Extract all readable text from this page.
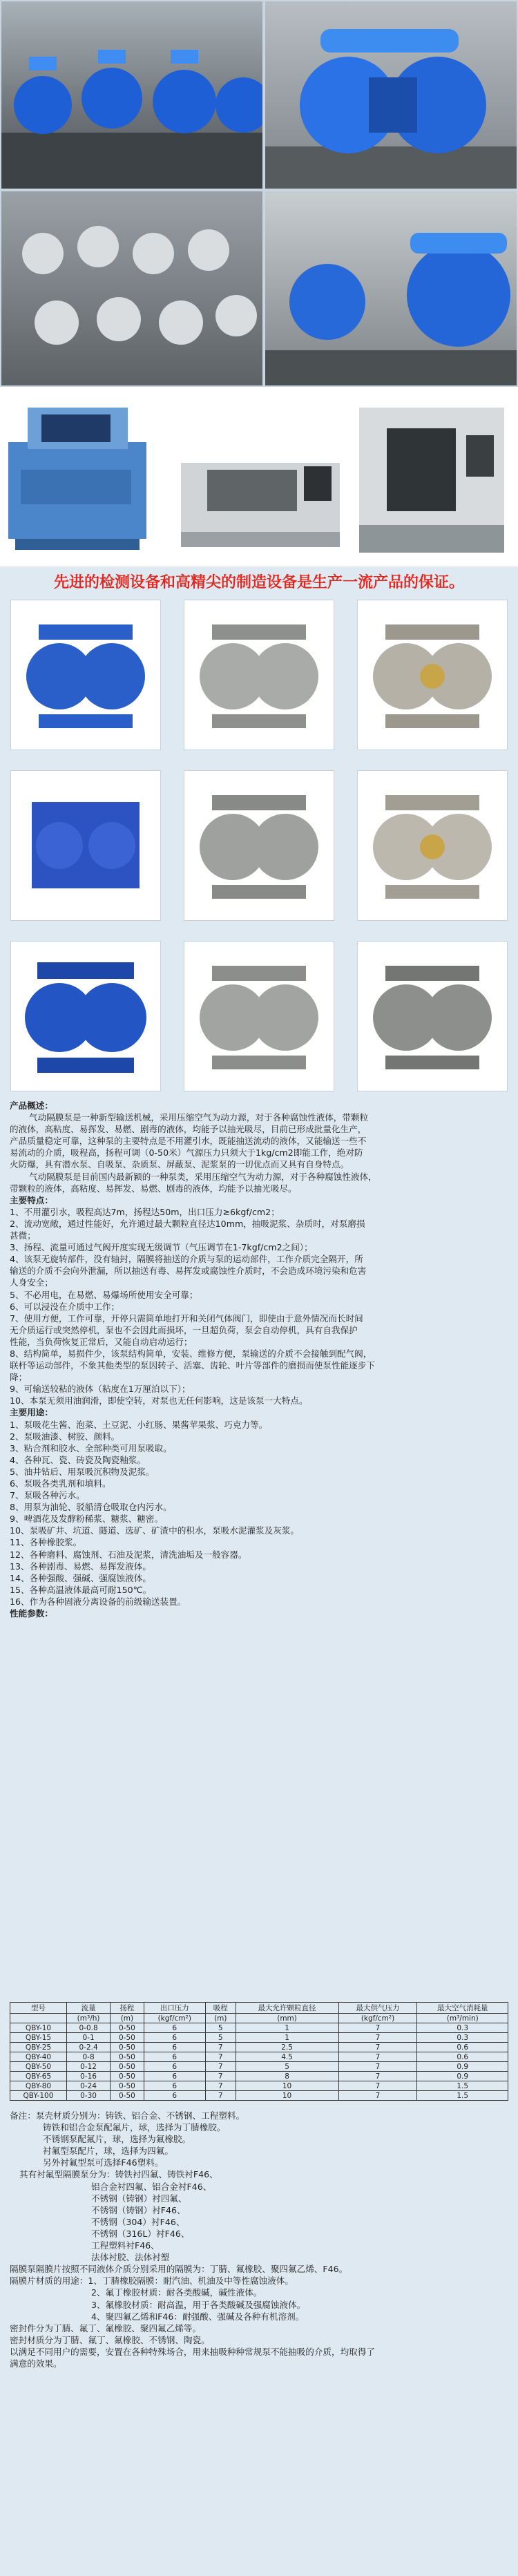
先进的检测设备和高精尖的制造设备是生产一流产品的保证。
产品概述：
气动隔膜泵是一种新型输送机械，采用压缩空气为动力源，对于各种腐蚀性液体，带颗粒
的液体，高粘度、易挥发、易燃、剧毒的液体，均能予以抽光吸尽，目前已形成批量化生产，
产品质量稳定可靠，这种泵的主要特点是不用灌引水，既能抽送流动的液体，又能输送一些不
易流动的介质，吸程高，扬程可调（0-50米）气源压力只须大于1kg/cm2即能工作，绝对防
火防爆，具有潜水泵、自吸泵、杂质泵、屏蔽泵、泥浆泵的一切优点而又具有自身特点。
气动隔膜泵是目前国内最新颖的一种泵类，采用压缩空气为动力源，对于各种腐蚀性液体，
带颗粒的液体，高粘度、易挥发、易燃、剧毒的液体，均能予以抽光吸尽。
主要特点：
1、不用灌引水，吸程高达7m，扬程达50m，出口压力≥6kgf/cm2；
2、流动宽敞，通过性能好，允许通过最大颗粒直径达10mm，抽吸泥浆、杂质时，对泵磨损
甚微；
3、扬程、流量可通过气阀开度实现无级调节（气压调节在1-7kgf/cm2之间）；
4、该泵无旋转部件，没有轴封，隔膜将抽送的介质与泵的运动部件，工作介质完全隔开，所
输送的介质不会向外泄漏，所以抽送有毒、易挥发或腐蚀性介质时，不会造成环境污染和危害
人身安全；
5、不必用电，在易燃、易爆场所使用安全可靠；
6、可以浸没在介质中工作；
7、使用方便，工作可靠，开停只需简单地打开和关闭气体阀门，即使由于意外情况而长时间
无介质运行或突然停机，泵也不会因此而损坏，一旦超负荷，泵会自动停机，具有自我保护
性能，当负荷恢复正常后，又能自动启动运行；
8、结构简单，易损件少，该泵结构简单，安装、维修方便，泵输送的介质不会接触到配气阀，
联杆等运动部件，不象其他类型的泵因转子、活塞、齿轮、叶片等部件的磨损而使泵性能逐步下
降；
9、可输送较粘的液体（粘度在1万厘泊以下）；
10、本泵无须用油润滑，即使空转，对泵也无任何影响，这是该泵一大特点。
主要用途：
1、泵吸花生酱、泡菜、土豆泥、小红肠、果酱苹果浆、巧克力等。
2、泵吸油漆、树胶、颜料。
3、粘合剂和胶水、全部种类可用泵吸取。
4、各种瓦、瓷、砖瓷及陶瓷釉浆。
5、油井钻后、用泵吸沉积物及泥浆。
6、泵吸各类乳剂和填料。
7、泵吸各种污水。
8、用泵为油轮、驳船清仓吸取仓内污水。
9、啤酒花及发酵粉稀浆、糖浆、糖密。
10、泵吸矿井、坑道、隧道、选矿、矿渣中的积水，泵吸水泥灌浆及灰浆。
11、各种橡胶浆。
12、各种磨料、腐蚀剂、石油及泥浆，清洗油垢及一般容器。
13、各种剧毒、易燃、易挥发液体。
14、各种强酸、强碱、强腐蚀液体。
15、各种高温液体最高可耐150℃。
16、作为各种固液分离设备的前级输送装置。
性能参数：
型号	流量	扬程	出口压力	吸程	最大允许颗粒直径	最大供气压力	最大空气消耗量
	(m³/h)	(m)	(kgf/cm²)	(m)	(mm)	(kgf/cm²)	(m³/min)
QBY-10	0-0.8	0-50	6	5	1	7	0.3
QBY-15	0-1	0-50	6	5	1	7	0.3
QBY-25	0-2.4	0-50	6	7	2.5	7	0.6
QBY-40	0-8	0-50	6	7	4.5	7	0.6
QBY-50	0-12	0-50	6	7	5	7	0.9
QBY-65	0-16	0-50	6	7	8	7	0.9
QBY-80	0-24	0-50	6	7	10	7	1.5
QBY-100	0-30	0-50	6	7	10	7	1.5
备注：泵壳材质分别为：铸铁、铝合金、不锈钢、工程塑料。
铸铁和铝合金泵配氟片，球，选择为丁腈橡胶。
不锈钢泵配氟片，球，选择为氟橡胶。
衬氟型泵配片，球，选择为四氟。
另外衬氟型泵可选择F46塑料。
其有衬氟型隔膜泵分为：铸铁衬四氟、铸铁衬F46、
铝合金衬四氟、铝合金衬F46、
不锈钢（铸钢）衬四氟、
不锈钢（铸钢）衬F46、
不锈钢（304）衬F46、
不锈钢（316L）衬F46、
工程塑料衬F46、
法体衬胶、法体衬塑
隔膜泵隔膜片按照不同液体介质分别采用的隔膜为：丁腈、氟橡胶、聚四氟乙烯、F46。
隔膜片材质的用途：1、丁腈橡胶隔膜：耐汽油、机油及中等性腐蚀液体。
2、氟丁橡胶材质：耐各类酸碱，碱性液体。
3、氟橡胶材质：耐高温，用于各类酸碱及强腐蚀液体。
4、聚四氟乙烯和F46：耐强酸、强碱及各种有机溶剂。
密封件分为丁腈、氟丁、氟橡胶、聚四氟乙烯等。
密封材质分为丁腈、氟丁、氟橡胶、不锈钢、陶瓷。
以满足不同用户的需要，安置在各种特殊场合，用来抽吸种种常规泵不能抽吸的介质，均取得了
满意的效果。
